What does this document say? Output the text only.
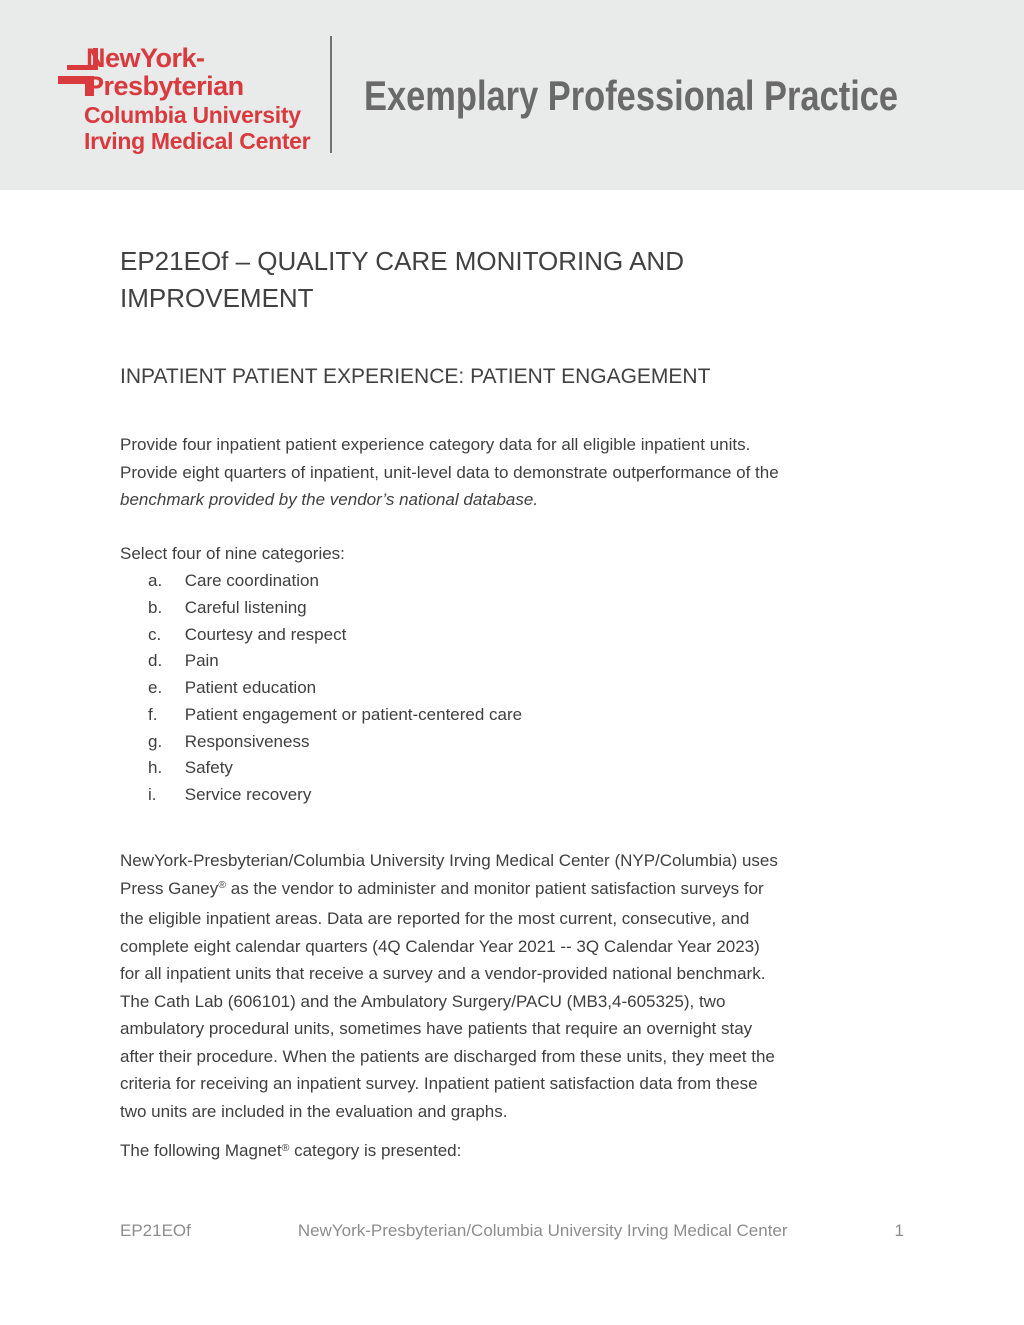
NewYork-
Presbyterian
Columbia University
Irving Medical Center
Exemplary Professional Practice
EP21EOf – QUALITY CARE MONITORING AND
IMPROVEMENT
INPATIENT PATIENT EXPERIENCE: PATIENT ENGAGEMENT
Provide four inpatient patient experience category data for all eligible inpatient units.
Provide eight quarters of inpatient, unit-level data to demonstrate outperformance of the
benchmark provided by the vendor’s national database.
Select four of nine categories:
a. Care coordination
b. Careful listening
c. Courtesy and respect
d. Pain
e. Patient education
f. Patient engagement or patient-centered care
g. Responsiveness
h. Safety
i. Service recovery
NewYork-Presbyterian/Columbia University Irving Medical Center (NYP/Columbia) uses
Press Ganey® as the vendor to administer and monitor patient satisfaction surveys for
the eligible inpatient areas. Data are reported for the most current, consecutive, and
complete eight calendar quarters (4Q Calendar Year 2021 -- 3Q Calendar Year 2023)
for all inpatient units that receive a survey and a vendor-provided national benchmark.
The Cath Lab (606101) and the Ambulatory Surgery/PACU (MB3,4-605325), two
ambulatory procedural units, sometimes have patients that require an overnight stay
after their procedure. When the patients are discharged from these units, they meet the
criteria for receiving an inpatient survey. Inpatient patient satisfaction data from these
two units are included in the evaluation and graphs.
The following Magnet® category is presented:
EP21EOf	NewYork-Presbyterian/Columbia University Irving Medical Center	1
